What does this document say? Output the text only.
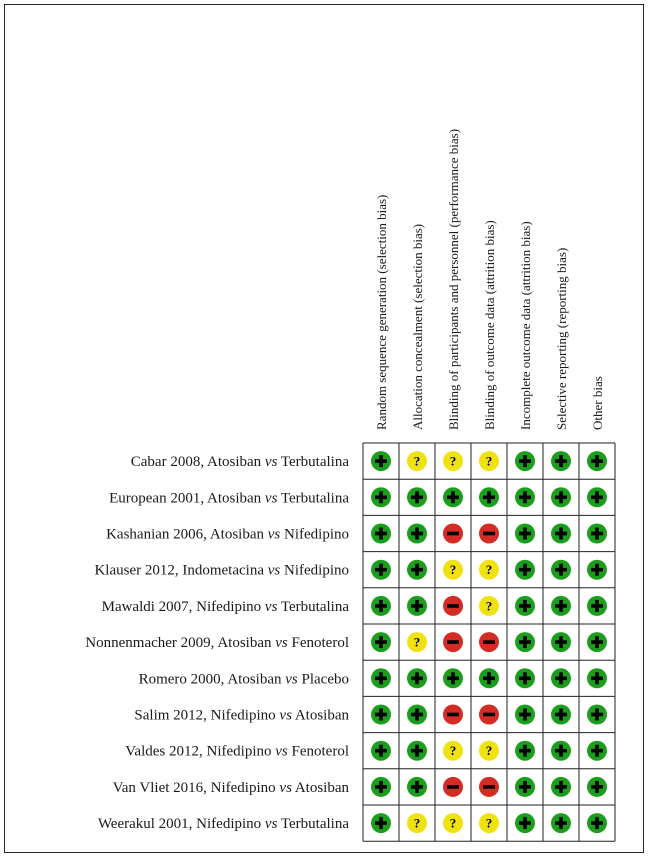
Random sequence generation (selection bias) Allocation concealment (selection bias) Blinding of participants and personnel (performance bias) Blinding of outcome data (attrition bias) Incomplete outcome data (attrition bias) Selective reporting (reporting bias) Other bias
? ? ?
? ?
?
?
? ?
? ? ?
Cabar 2008, Atosiban vs Terbutalina
European 2001, Atosiban vs Terbutalina
Kashanian 2006, Atosiban vs Nifedipino
Klauser 2012, Indometacina vs Nifedipino
Mawaldi 2007, Nifedipino vs Terbutalina
Nonnenmacher 2009, Atosiban vs Fenoterol
Romero 2000, Atosiban vs Placebo
Salim 2012, Nifedipino vs Atosiban
Valdes 2012, Nifedipino vs Fenoterol
Van Vliet 2016, Nifedipino vs Atosiban
Weerakul 2001, Nifedipino vs Terbutalina
